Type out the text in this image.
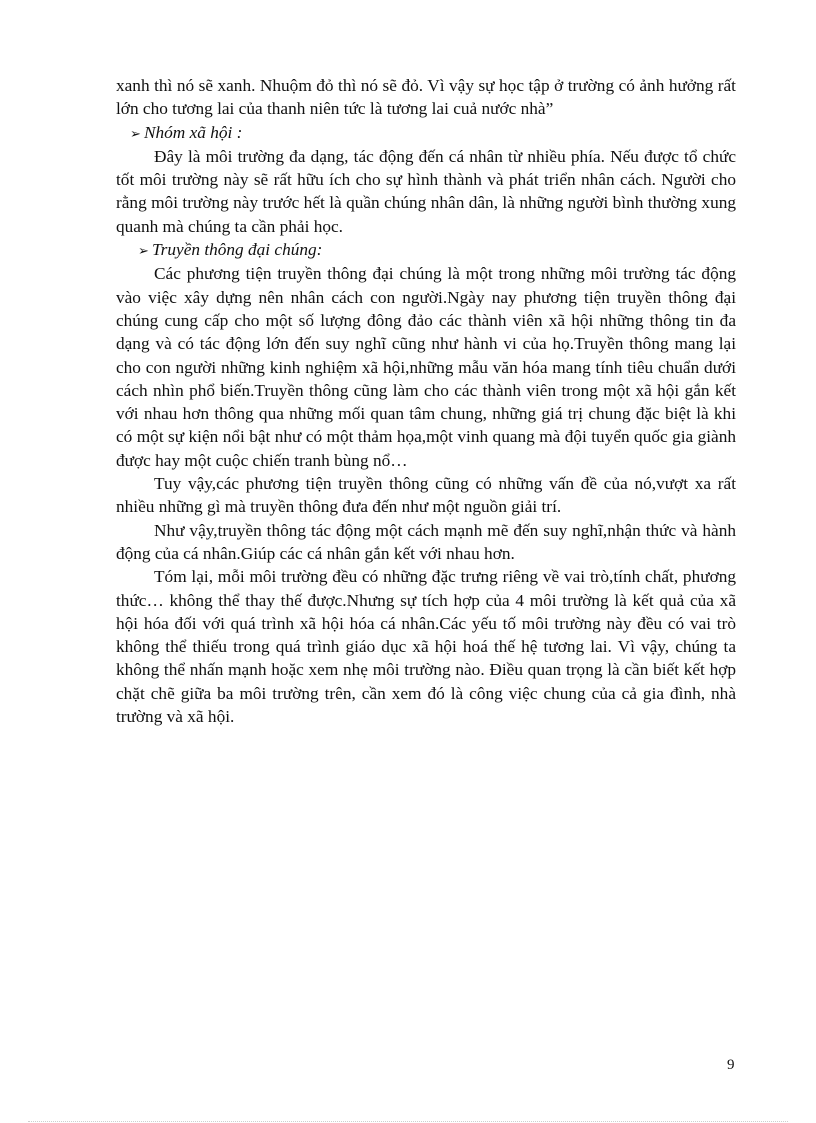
xanh thì nó sẽ xanh. Nhuộm đỏ thì nó sẽ đỏ. Vì vậy sự học tập ở trường có ảnh hưởng rất lớn cho tương lai của thanh niên tức là tương lai cuả nước nhà”

➢ Nhóm xã hội :

Đây là môi trường đa dạng, tác động đến cá nhân từ nhiều phía. Nếu được tổ chức tốt môi trường này sẽ rất hữu ích cho sự hình thành và phát triển nhân cách. Người cho rằng môi trường này trước hết là quần chúng nhân dân, là những người bình thường xung quanh mà chúng ta cần phải học.

➢ Truyền thông đại chúng:

Các phương tiện truyền thông đại chúng là một trong những môi trường tác động vào việc xây dựng nên nhân cách con người.Ngày nay phương tiện truyền thông đại chúng cung cấp cho một số lượng đông đảo các thành viên xã hội những thông tin đa dạng và có tác động lớn đến suy nghĩ cũng như hành vi của họ.Truyền thông mang lại cho con người những kinh nghiệm xã hội,những mẫu văn hóa mang tính tiêu chuẩn dưới cách nhìn phổ biến.Truyền thông cũng làm cho các thành viên trong một xã hội gắn kết với nhau hơn thông qua những mối quan tâm chung, những giá trị chung đặc biệt là khi có một sự kiện nổi bật như có một thảm họa,một vinh quang mà đội tuyển quốc gia giành được hay một cuộc chiến tranh bùng nổ…

Tuy vậy,các phương tiện truyền thông cũng có những vấn đề của nó,vượt xa rất nhiều những gì mà truyền thông đưa đến như một nguồn giải trí.

Như vậy,truyền thông tác động một cách mạnh mẽ đến suy nghĩ,nhận thức và hành động của cá nhân.Giúp các cá nhân gắn kết với nhau hơn.

Tóm lại, mỗi môi trường đều có những đặc trưng riêng về vai trò,tính chất, phương thức… không thể thay thế được.Nhưng sự tích hợp của 4 môi trường là kết quả của xã hội hóa đối với quá trình xã hội hóa cá nhân.Các yếu tố môi trường này đều có vai trò không thể thiếu trong quá trình giáo dục xã hội hoá thế hệ tương lai. Vì vậy, chúng ta không thể nhấn mạnh hoặc xem nhẹ môi trường nào. Điều quan trọng là cần biết kết hợp chặt chẽ giữa ba môi trường trên, cần xem đó là công việc chung của cả gia đình, nhà trường và xã hội.

9
